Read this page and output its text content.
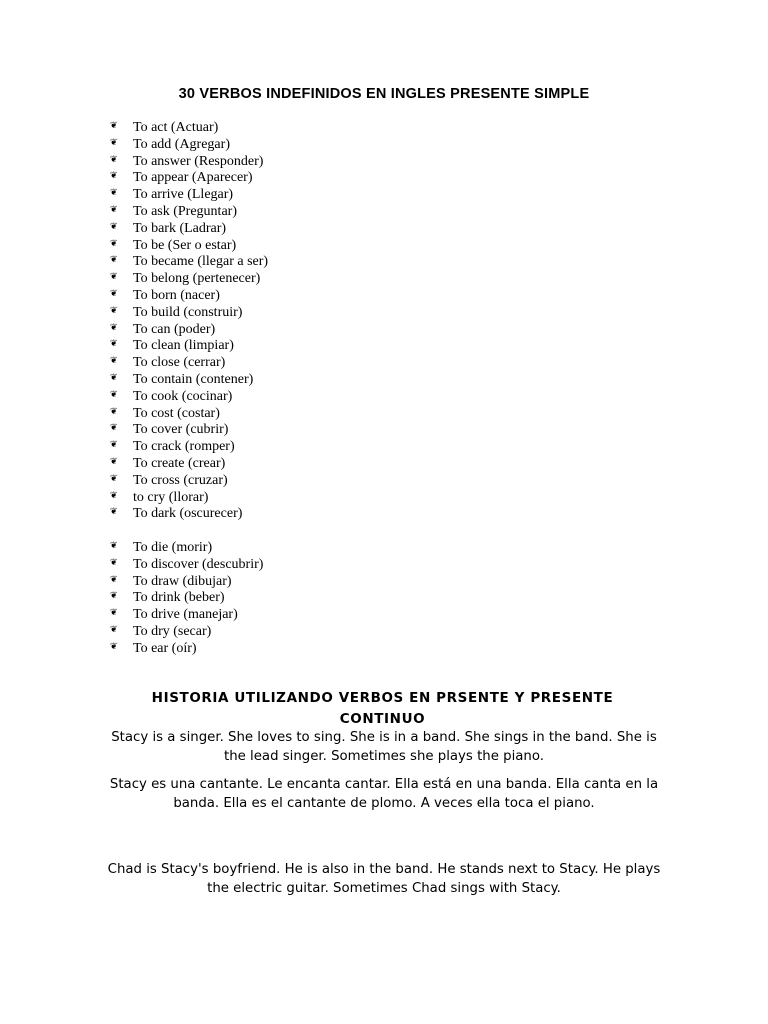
30 VERBOS INDEFINIDOS EN INGLES PRESENTE SIMPLE
❦ To act (Actuar)
❦ To add (Agregar)
❦ To answer (Responder)
❦ To appear (Aparecer)
❦ To arrive (Llegar)
❦ To ask (Preguntar)
❦ To bark (Ladrar)
❦ To be (Ser o estar)
❦ To became (llegar a ser)
❦ To belong (pertenecer)
❦ To born (nacer)
❦ To build (construir)
❦ To can (poder)
❦ To clean (limpiar)
❦ To close (cerrar)
❦ To contain (contener)
❦ To cook (cocinar)
❦ To cost (costar)
❦ To cover (cubrir)
❦ To crack (romper)
❦ To create (crear)
❦ To cross (cruzar)
❦ to cry (llorar)
❦ To dark (oscurecer)
❦ To die (morir)
❦ To discover (descubrir)
❦ To draw (dibujar)
❦ To drink (beber)
❦ To drive (manejar)
❦ To dry (secar)
❦ To ear (oír)
HISTORIA UTILIZANDO VERBOS EN PRSENTE Y PRESENTE CONTINUO

Stacy is a singer. She loves to sing. She is in a band. She sings in the band. She is the lead singer. Sometimes she plays the piano.

Stacy es una cantante. Le encanta cantar. Ella está en una banda. Ella canta en la banda. Ella es el cantante de plomo. A veces ella toca el piano.

Chad is Stacy's boyfriend. He is also in the band. He stands next to Stacy. He plays the electric guitar. Sometimes Chad sings with Stacy.
